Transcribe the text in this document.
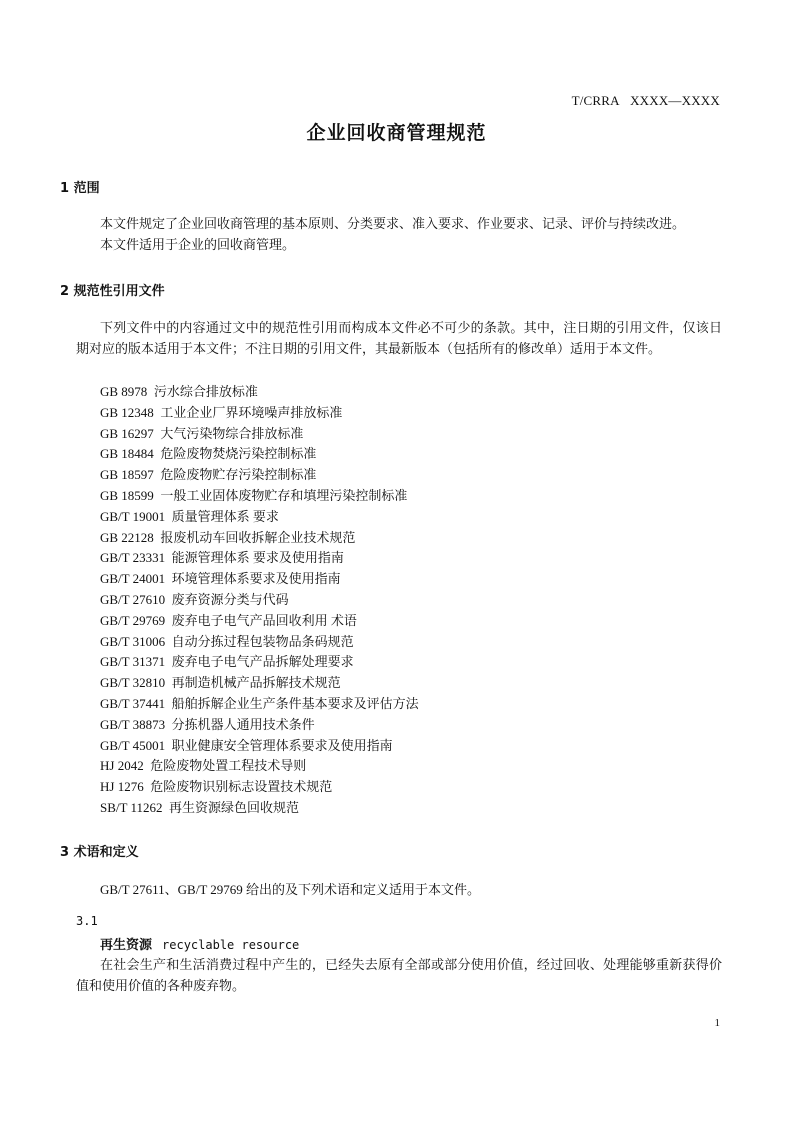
T/CRRA   XXXX—XXXX
企业回收商管理规范
1 范围
本文件规定了企业回收商管理的基本原则、分类要求、准入要求、作业要求、记录、评价与持续改进。
本文件适用于企业的回收商管理。
2 规范性引用文件
下列文件中的内容通过文中的规范性引用而构成本文件必不可少的条款。其中，注日期的引用文件，仅该日期对应的版本适用于本文件；不注日期的引用文件，其最新版本（包括所有的修改单）适用于本文件。
GB 8978 污水综合排放标准
GB 12348 工业企业厂界环境噪声排放标准
GB 16297 大气污染物综合排放标准
GB 18484 危险废物焚烧污染控制标准
GB 18597 危险废物贮存污染控制标准
GB 18599 一般工业固体废物贮存和填埋污染控制标准
GB/T 19001 质量管理体系 要求
GB 22128 报废机动车回收拆解企业技术规范
GB/T 23331 能源管理体系 要求及使用指南
GB/T 24001 环境管理体系要求及使用指南
GB/T 27610 废弃资源分类与代码
GB/T 29769 废弃电子电气产品回收利用 术语
GB/T 31006 自动分拣过程包装物品条码规范
GB/T 31371 废弃电子电气产品拆解处理要求
GB/T 32810 再制造机械产品拆解技术规范
GB/T 37441 船舶拆解企业生产条件基本要求及评估方法
GB/T 38873 分拣机器人通用技术条件
GB/T 45001 职业健康安全管理体系要求及使用指南
HJ 2042 危险废物处置工程技术导则
HJ 1276 危险废物识别标志设置技术规范
SB/T 11262 再生资源绿色回收规范
3 术语和定义
GB/T 27611、GB/T 29769 给出的及下列术语和定义适用于本文件。
3.1
再生资源 recyclable resource
在社会生产和生活消费过程中产生的，已经失去原有全部或部分使用价值，经过回收、处理能够重新获得价值和使用价值的各种废弃物。
1
